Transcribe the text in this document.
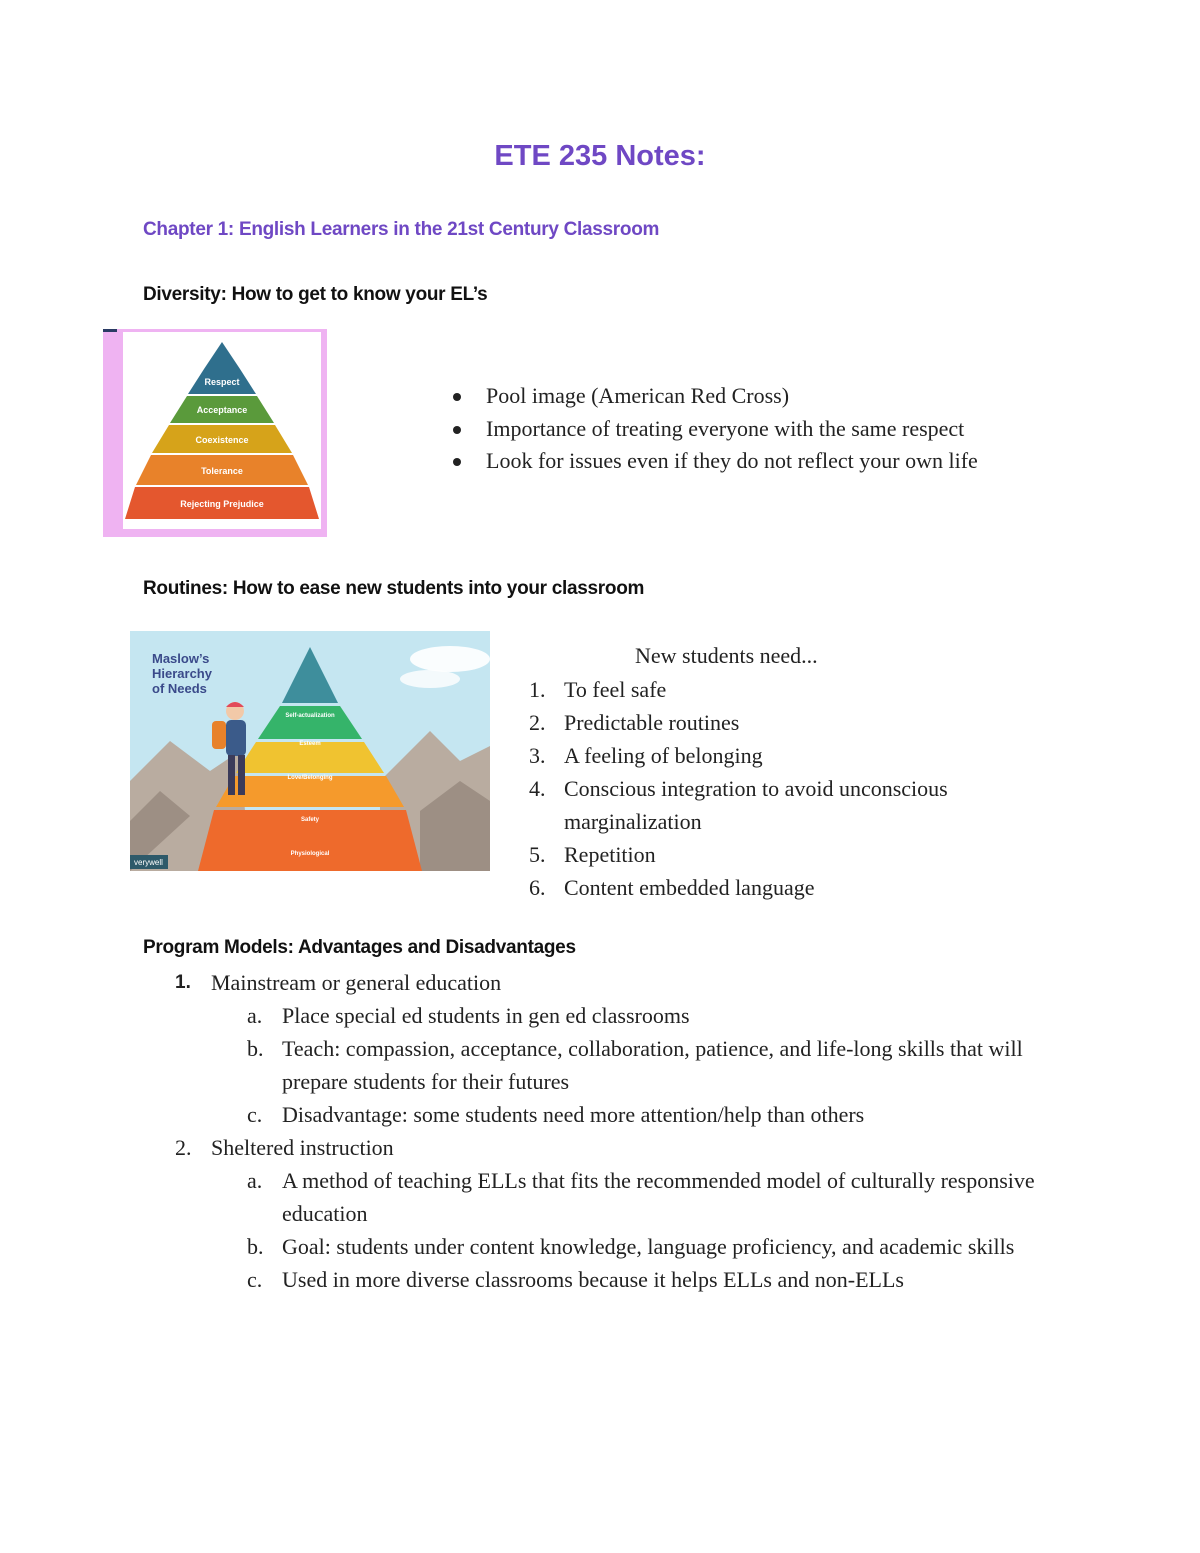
ETE 235 Notes:
Chapter 1: English Learners in the 21st Century Classroom
Diversity: How to get to know your EL’s
Respect
Acceptance
Coexistence
Tolerance
Rejecting Prejudice
Pool image (American Red Cross)
Importance of treating everyone with the same respect
Look for issues even if they do not reflect your own life
Routines: How to ease new students into your classroom
Maslow’s
Hierarchy
of Needs
Self-actualization
Esteem
Love/Belonging
Safety
Physiological
verywell
New students need...
1. To feel safe
2. Predictable routines
3. A feeling of belonging
4. Conscious integration to avoid unconscious marginalization
5. Repetition
6. Content embedded language
Program Models: Advantages and Disadvantages
1. Mainstream or general education
a. Place special ed students in gen ed classrooms
b. Teach: compassion, acceptance, collaboration, patience, and life-long skills that will prepare students for their futures
c. Disadvantage: some students need more attention/help than others
2. Sheltered instruction
a. A method of teaching ELLs that fits the recommended model of culturally responsive education
b. Goal: students under content knowledge, language proficiency, and academic skills
c. Used in more diverse classrooms because it helps ELLs and non-ELLs
